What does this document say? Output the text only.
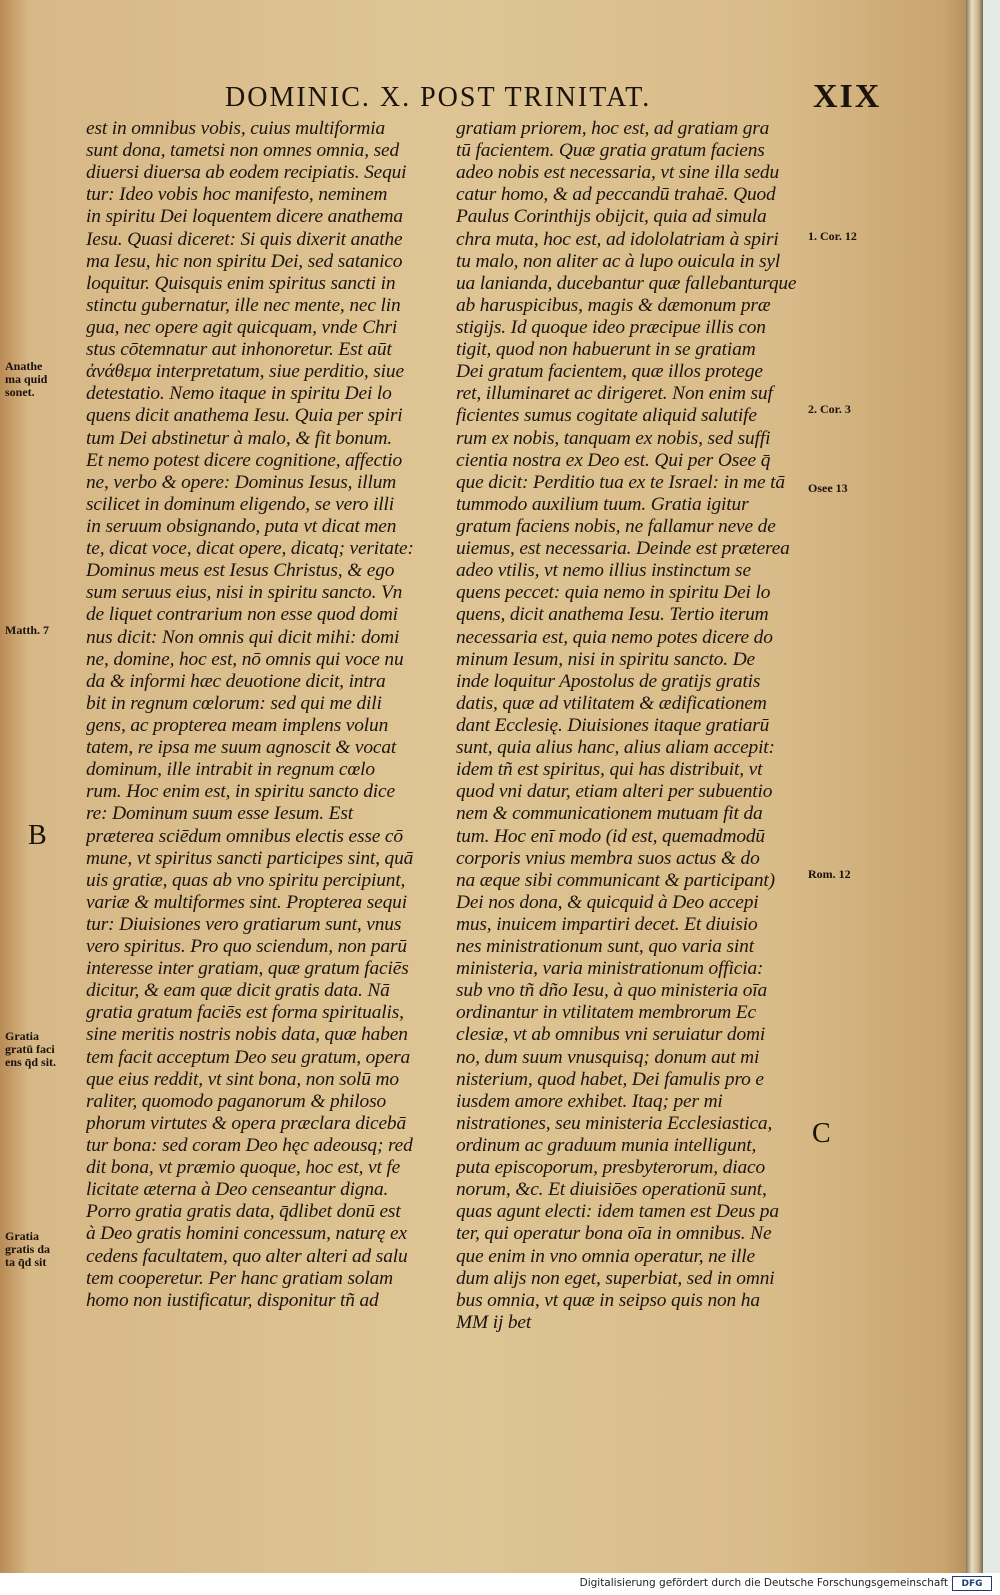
DOMINIC. X. POST TRINITAT.	XIX
est in omnibus vobis, cuius multiformia
sunt dona, tametsi non omnes omnia, sed
diuersi diuersa ab eodem recipiatis. Sequi
tur: Ideo vobis hoc manifesto, neminem
in spiritu Dei loquentem dicere anathema
Iesu. Quasi diceret: Si quis dixerit anathe
ma Iesu, hic non spiritu Dei, sed satanico
loquitur. Quisquis enim spiritus sancti in
stinctu gubernatur, ille nec mente, nec lin
gua, nec opere agit quicquam, vnde Chri
stus cōtemnatur aut inhonoretur. Est aūt
ἀνάθεμα interpretatum, siue perditio, siue
detestatio. Nemo itaque in spiritu Dei lo
quens dicit anathema Iesu. Quia per spiri
tum Dei abstinetur à malo, & fit bonum.
Et nemo potest dicere cognitione, affectio
ne, verbo & opere: Dominus Iesus, illum
scilicet in dominum eligendo, se vero illi
in seruum obsignando, puta vt dicat men
te, dicat voce, dicat opere, dicatq; veritate:
Dominus meus est Iesus Christus, & ego
sum seruus eius, nisi in spiritu sancto. Vn
de liquet contrarium non esse quod domi
nus dicit: Non omnis qui dicit mihi: domi
ne, domine, hoc est, nō omnis qui voce nu
da & informi hæc deuotione dicit, intra
bit in regnum cœlorum: sed qui me dili
gens, ac propterea meam implens volun
tatem, re ipsa me suum agnoscit & vocat
dominum, ille intrabit in regnum cœlo
rum. Hoc enim est, in spiritu sancto dice
re: Dominum suum esse Iesum. Est
præterea sciēdum omnibus electis esse cō
mune, vt spiritus sancti participes sint, quā
uis gratiæ, quas ab vno spiritu percipiunt,
variæ & multiformes sint. Propterea sequi
tur: Diuisiones vero gratiarum sunt, vnus
vero spiritus. Pro quo sciendum, non parū
interesse inter gratiam, quæ gratum faciēs
dicitur, & eam quæ dicit gratis data. Nā
gratia gratum faciēs est forma spiritualis,
sine meritis nostris nobis data, quæ haben
tem facit acceptum Deo seu gratum, opera
que eius reddit, vt sint bona, non solū mo
raliter, quomodo paganorum & philoso
phorum virtutes & opera præclara dicebā
tur bona: sed coram Deo hęc adeousq; red
dit bona, vt præmio quoque, hoc est, vt fe
licitate æterna à Deo censeantur digna.
Porro gratia gratis data, q̄dlibet donū est
à Deo gratis homini concessum, naturę ex
cedens facultatem, quo alter alteri ad salu
tem cooperetur. Per hanc gratiam solam
homo non iustificatur, disponitur tñ ad
gratiam priorem, hoc est, ad gratiam gra
tū facientem. Quæ gratia gratum faciens
adeo nobis est necessaria, vt sine illa sedu
catur homo, & ad peccandū trahaē. Quod
Paulus Corinthijs obijcit, quia ad simula
chra muta, hoc est, ad idololatriam à spiri
tu malo, non aliter ac à lupo ouicula in syl
ua lanianda, ducebantur quæ fallebanturque
ab haruspicibus, magis & dæmonum præ
stigijs. Id quoque ideo præcipue illis con
tigit, quod non habuerunt in se gratiam
Dei gratum facientem, quæ illos protege
ret, illuminaret ac dirigeret. Non enim suf
ficientes sumus cogitate aliquid salutife
rum ex nobis, tanquam ex nobis, sed suffi
cientia nostra ex Deo est. Qui per Osee q̄
que dicit: Perditio tua ex te Israel: in me tā
tummodo auxilium tuum. Gratia igitur
gratum faciens nobis, ne fallamur neve de
uiemus, est necessaria. Deinde est præterea
adeo vtilis, vt nemo illius instinctum se
quens peccet: quia nemo in spiritu Dei lo
quens, dicit anathema Iesu. Tertio iterum
necessaria est, quia nemo potes dicere do
minum Iesum, nisi in spiritu sancto. De
inde loquitur Apostolus de gratijs gratis
datis, quæ ad vtilitatem & ædificationem
dant Ecclesię. Diuisiones itaque gratiarū
sunt, quia alius hanc, alius aliam accepit:
idem tñ est spiritus, qui has distribuit, vt
quod vni datur, etiam alteri per subuentio
nem & communicationem mutuam fit da
tum. Hoc enī modo (id est, quemadmodū
corporis vnius membra suos actus & do
na æque sibi communicant & participant)
Dei nos dona, & quicquid à Deo accepi
mus, inuicem impartiri decet. Et diuisio
nes ministrationum sunt, quo varia sint
ministeria, varia ministrationum officia:
sub vno tñ dño Iesu, à quo ministeria oīa
ordinantur in vtilitatem membrorum Ec
clesiæ, vt ab omnibus vni seruiatur domi
no, dum suum vnusquisq; donum aut mi
nisterium, quod habet, Dei famulis pro e
iusdem amore exhibet. Itaq; per mi
nistrationes, seu ministeria Ecclesiastica,
ordinum ac graduum munia intelligunt,
puta episcoporum, presbyterorum, diaco
norum, &c. Et diuisiōes operationū sunt,
quas agunt electi: idem tamen est Deus pa
ter, qui operatur bona oīa in omnibus. Ne
que enim in vno omnia operatur, ne ille
dum alijs non eget, superbiat, sed in omni
bus omnia, vt quæ in seipso quis non ha
MM ij bet
Anathe
ma quid
sonet.
Matth. 7
B
Gratia
gratū faci
ens q̄d sit.
Gratia
gratis da
ta q̄d sit
1. Cor. 12
2. Cor. 3
Osee 13
Rom. 12
C
Digitalisierung gefördert durch die Deutsche Forschungsgemeinschaft	DFG
